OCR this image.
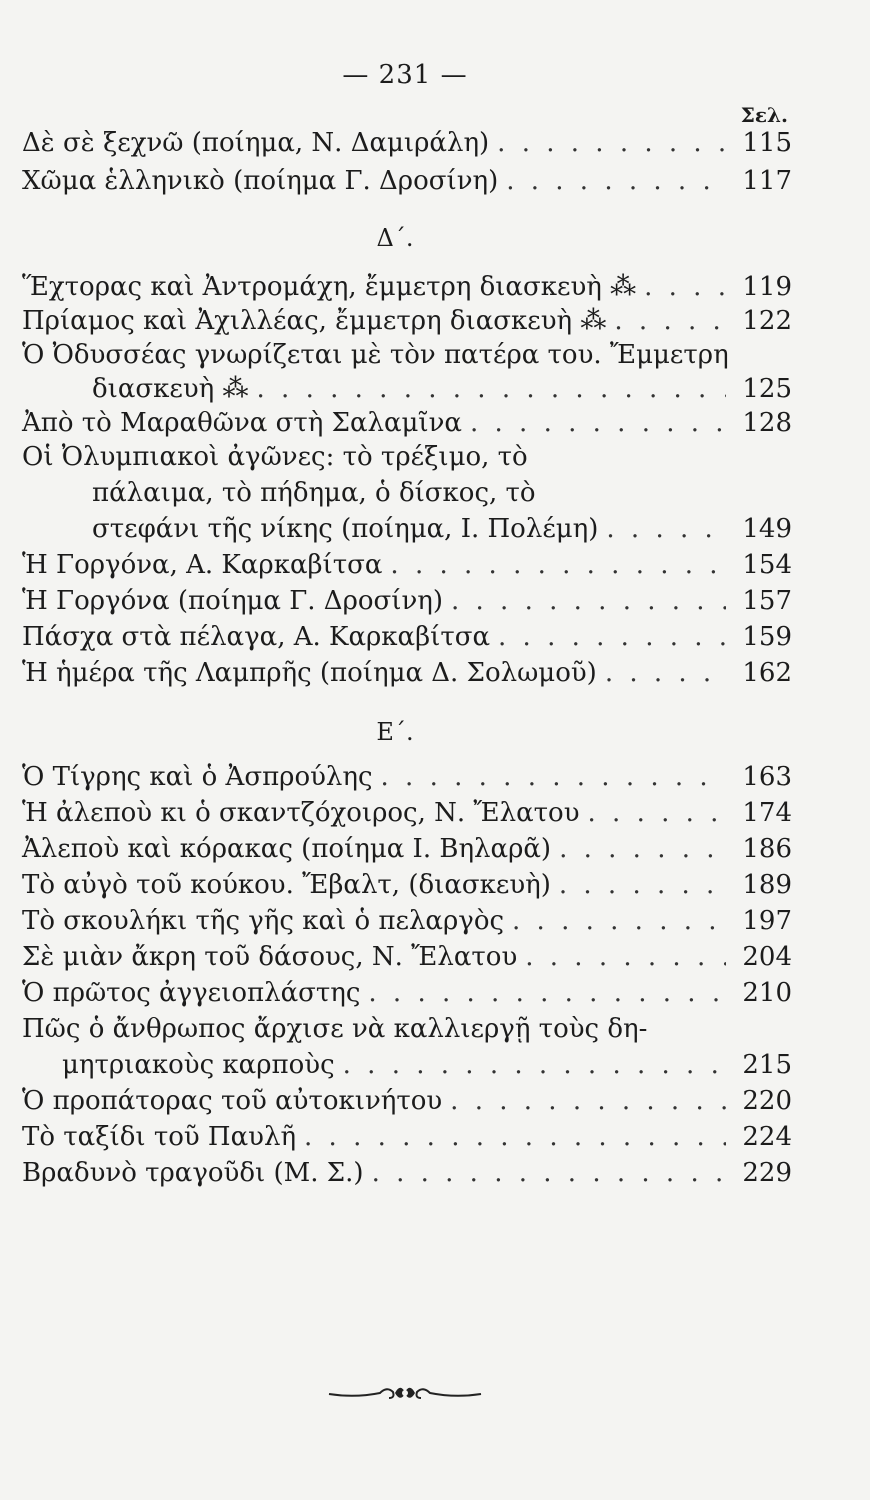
— 231 —
Σελ.
Δὲ σὲ ξεχνῶ (ποίημα, Ν. Δαμιράλη) . . .	115
Χῶμα ἑλληνικὸ (ποίημα Γ. Δροσίνη) . . .	117
Δ΄.
Ἕχτορας καὶ Ἀντρομάχη, ἔμμετρη διασκευὴ ⁂ . . .	119
Πρίαμος καὶ Ἀχιλλέας, ἔμμετρη διασκευὴ ⁂ . . .	122
Ὁ Ὀδυσσέας γνωρίζεται μὲ τὸν πατέρα του. Ἔμμετρη
διασκευὴ ⁂ . . .	125
Ἀπὸ τὸ Μαραθῶνα στὴ Σαλαμῖνα . . .	128
Οἱ Ὀλυμπιακοὶ ἀγῶνες: τὸ τρέξιμο, τὸ
πάλαιμα, τὸ πήδημα, ὁ δίσκος, τὸ
στεφάνι τῆς νίκης (ποίημα, Ι. Πολέμη) . . .	149
Ἡ Γοργόνα, Α. Καρκαβίτσα . . .	154
Ἡ Γοργόνα (ποίημα Γ. Δροσίνη) . . .	157
Πάσχα στὰ πέλαγα, Α. Καρκαβίτσα . . .	159
Ἡ ἡμέρα τῆς Λαμπρῆς (ποίημα Δ. Σολωμοῦ) . . .	162
Ε΄.
Ὁ Τίγρης καὶ ὁ Ἀσπρούλης . . .	163
Ἡ ἀλεποὺ κι ὁ σκαντζόχοιρος, Ν. Ἔλατου . . .	174
Ἀλεποὺ καὶ κόρακας (ποίημα Ι. Βηλαρᾶ) . . .	186
Τὸ αὐγὸ τοῦ κούκου. Ἔβαλτ, (διασκευὴ) . . .	189
Τὸ σκουλήκι τῆς γῆς καὶ ὁ πελαργὸς . . .	197
Σὲ μιὰν ἄκρη τοῦ δάσους, Ν. Ἔλατου . . .	204
Ὁ πρῶτος ἀγγειοπλάστης . . .	210
Πῶς ὁ ἄνθρωπος ἄρχισε νὰ καλλιεργῇ τοὺς δη-
μητριακοὺς καρποὺς . . .	215
Ὁ προπάτορας τοῦ αὐτοκινήτου . . .	220
Τὸ ταξίδι τοῦ Παυλῆ . . .	224
Βραδυνὸ τραγοῦδι (Μ. Σ.) . . .	229
